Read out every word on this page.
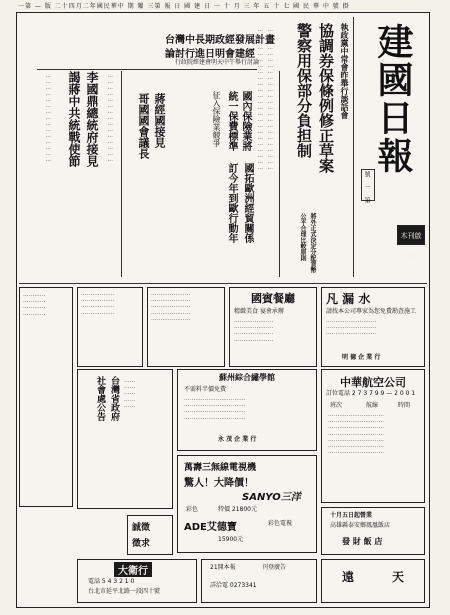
一第 — 版 二十四月二年國民華中 期 曜 三第 報 日 國 建 日 一 十 月 三 年 五 十 七 國 民 華 中 號 掛
建國日報
號 一 第
執政黨中常會昨舉行談話會
協調券保條例修正草案
警察用保部分負担制
………………………………………………………………
………………………………………………………………
台灣中長期政經發展計畫
論討行進日明會建經
行政院經建會明天中午舉行討論
李國鼎總統府接見
謁蔣中共統戰使節
………………………………………	………………………………………	蔣經國接見
哥國國會議長	國內保險業將
統一保費標準
征入保險業競爭
國拓歐洲經貿關係
訂今年到歐行動年	將外正式決定分配貨幣
公平合理比較原則	木刊啟事
…………………
…………………
…………………
…………………
…………………
國賓餐廳
精緻美食 宴會承辦
…………………
…………………
…………………
…………………
凡 漏 水
請找本公司專家為您免費勘查施工
………………………
………………………
………………………
明 德 企 業 行
………………
………………
………………
………………
蘇州綜合繡學館
不需料半價免費
……………………………
……………………………
……………………………
……………………………
永 茂 企 業 行
中華航空公司
訂位電話 2 7 3 7 9 9 — 2 0 0 1
班次	航線	時間
…………………………
…………………………
…………………………
…………………………
…………………………
…………………………
…………………………
…………
…………
…………
…………
台灣省政府
社會處公告	……
……
……
……
……
萬壽三無線電視機
驚人！大降價！
SANYO三洋
彩色	特價 21800元
ADE艾德寶	彩色電視
15900元
十月五日起營業
高雄縣泰安鄉鳳凰飯店
發 財 飯 店
誠徵
徵求
大衛行
電話 5 4 3 2 1 0
台北市延平北路一段四十號
21開本報	刊登廣告
詳洽電 0273341
遠	天
